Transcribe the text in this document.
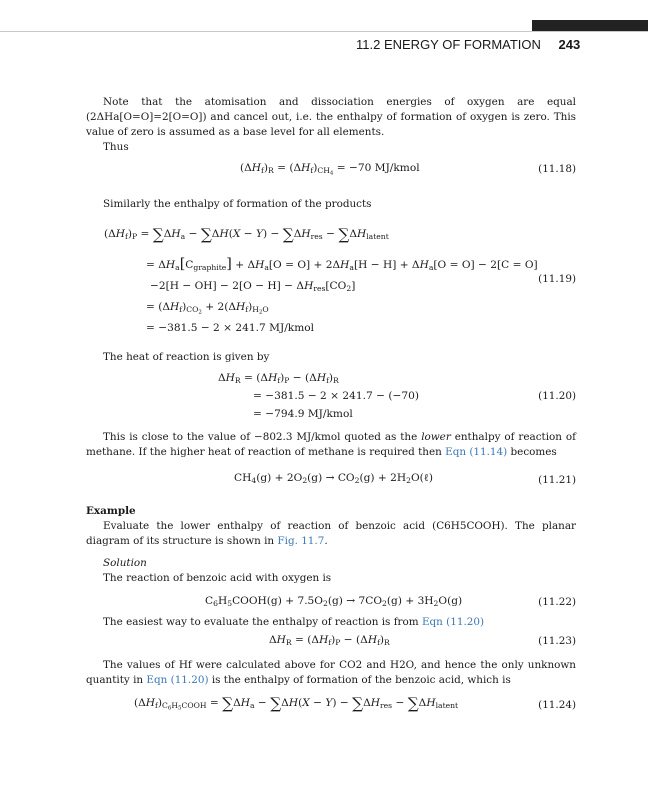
11.2 ENERGY OF FORMATION 243
Note that the atomisation and dissociation energies of oxygen are equal (2ΔHa[O=O]=2[O=O]) and cancel out, i.e. the enthalpy of formation of oxygen is zero. This value of zero is assumed as a base level for all elements.
Thus
$(\Delta H_f)_R = (\Delta H_f)_{CH_4} = -70$ MJ/kmol	(11.18)
Similarly the enthalpy of formation of the products
$(\Delta H_f)_P = \sum\Delta H_a - \sum\Delta H(X - Y) - \sum\Delta H_{res} - \sum\Delta H_{latent}$
= $\Delta H_a[C_{graphite}] + \Delta H_a[O = O] + 2\Delta H_a[H - H] + \Delta H_a[O = O] - 2[C = O]$
$-2[H - OH] - 2[O - H] - \Delta H_{res}[CO_2]$
(11.19)
= $(\Delta H_f)_{CO_2} + 2(\Delta H_f)_{H_2O}$
= −381.5 − 2 × 241.7 MJ/kmol
The heat of reaction is given by
$\Delta H_R = (\Delta H_f)_P - (\Delta H_f)_R$
= −381.5 − 2 × 241.7 − (−70)
= −794.9 MJ/kmol
(11.20)
This is close to the value of −802.3 MJ/kmol quoted as the lower enthalpy of reaction of methane. If the higher heat of reaction of methane is required then Eqn (11.14) becomes
$CH_4(g) + 2O_2(g) \to CO_2(g)$ + $2H_2O(\ell)$	(11.21)
Example
Evaluate the lower enthalpy of reaction of benzoic acid (C6H5COOH). The planar diagram of its structure is shown in Fig. 11.7.
Solution
The reaction of benzoic acid with oxygen is
$C_6H_5COOH(g) + 7.5O_2(g) \to 7CO_2(g) + 3H_2O(g)$	(11.22)
The easiest way to evaluate the enthalpy of reaction is from Eqn (11.20)
$\Delta H_R = (\Delta H_f)_P - (\Delta H_f)_R$	(11.23)
The values of Hf were calculated above for CO2 and H2O, and hence the only unknown quantity in Eqn (11.20) is the enthalpy of formation of the benzoic acid, which is
$(\Delta H_f)_{C_6H_5COOH} = \sum\Delta H_a - \sum\Delta H(X - Y) - \sum\Delta H_{res} - \sum\Delta H_{latent}$	(11.24)
